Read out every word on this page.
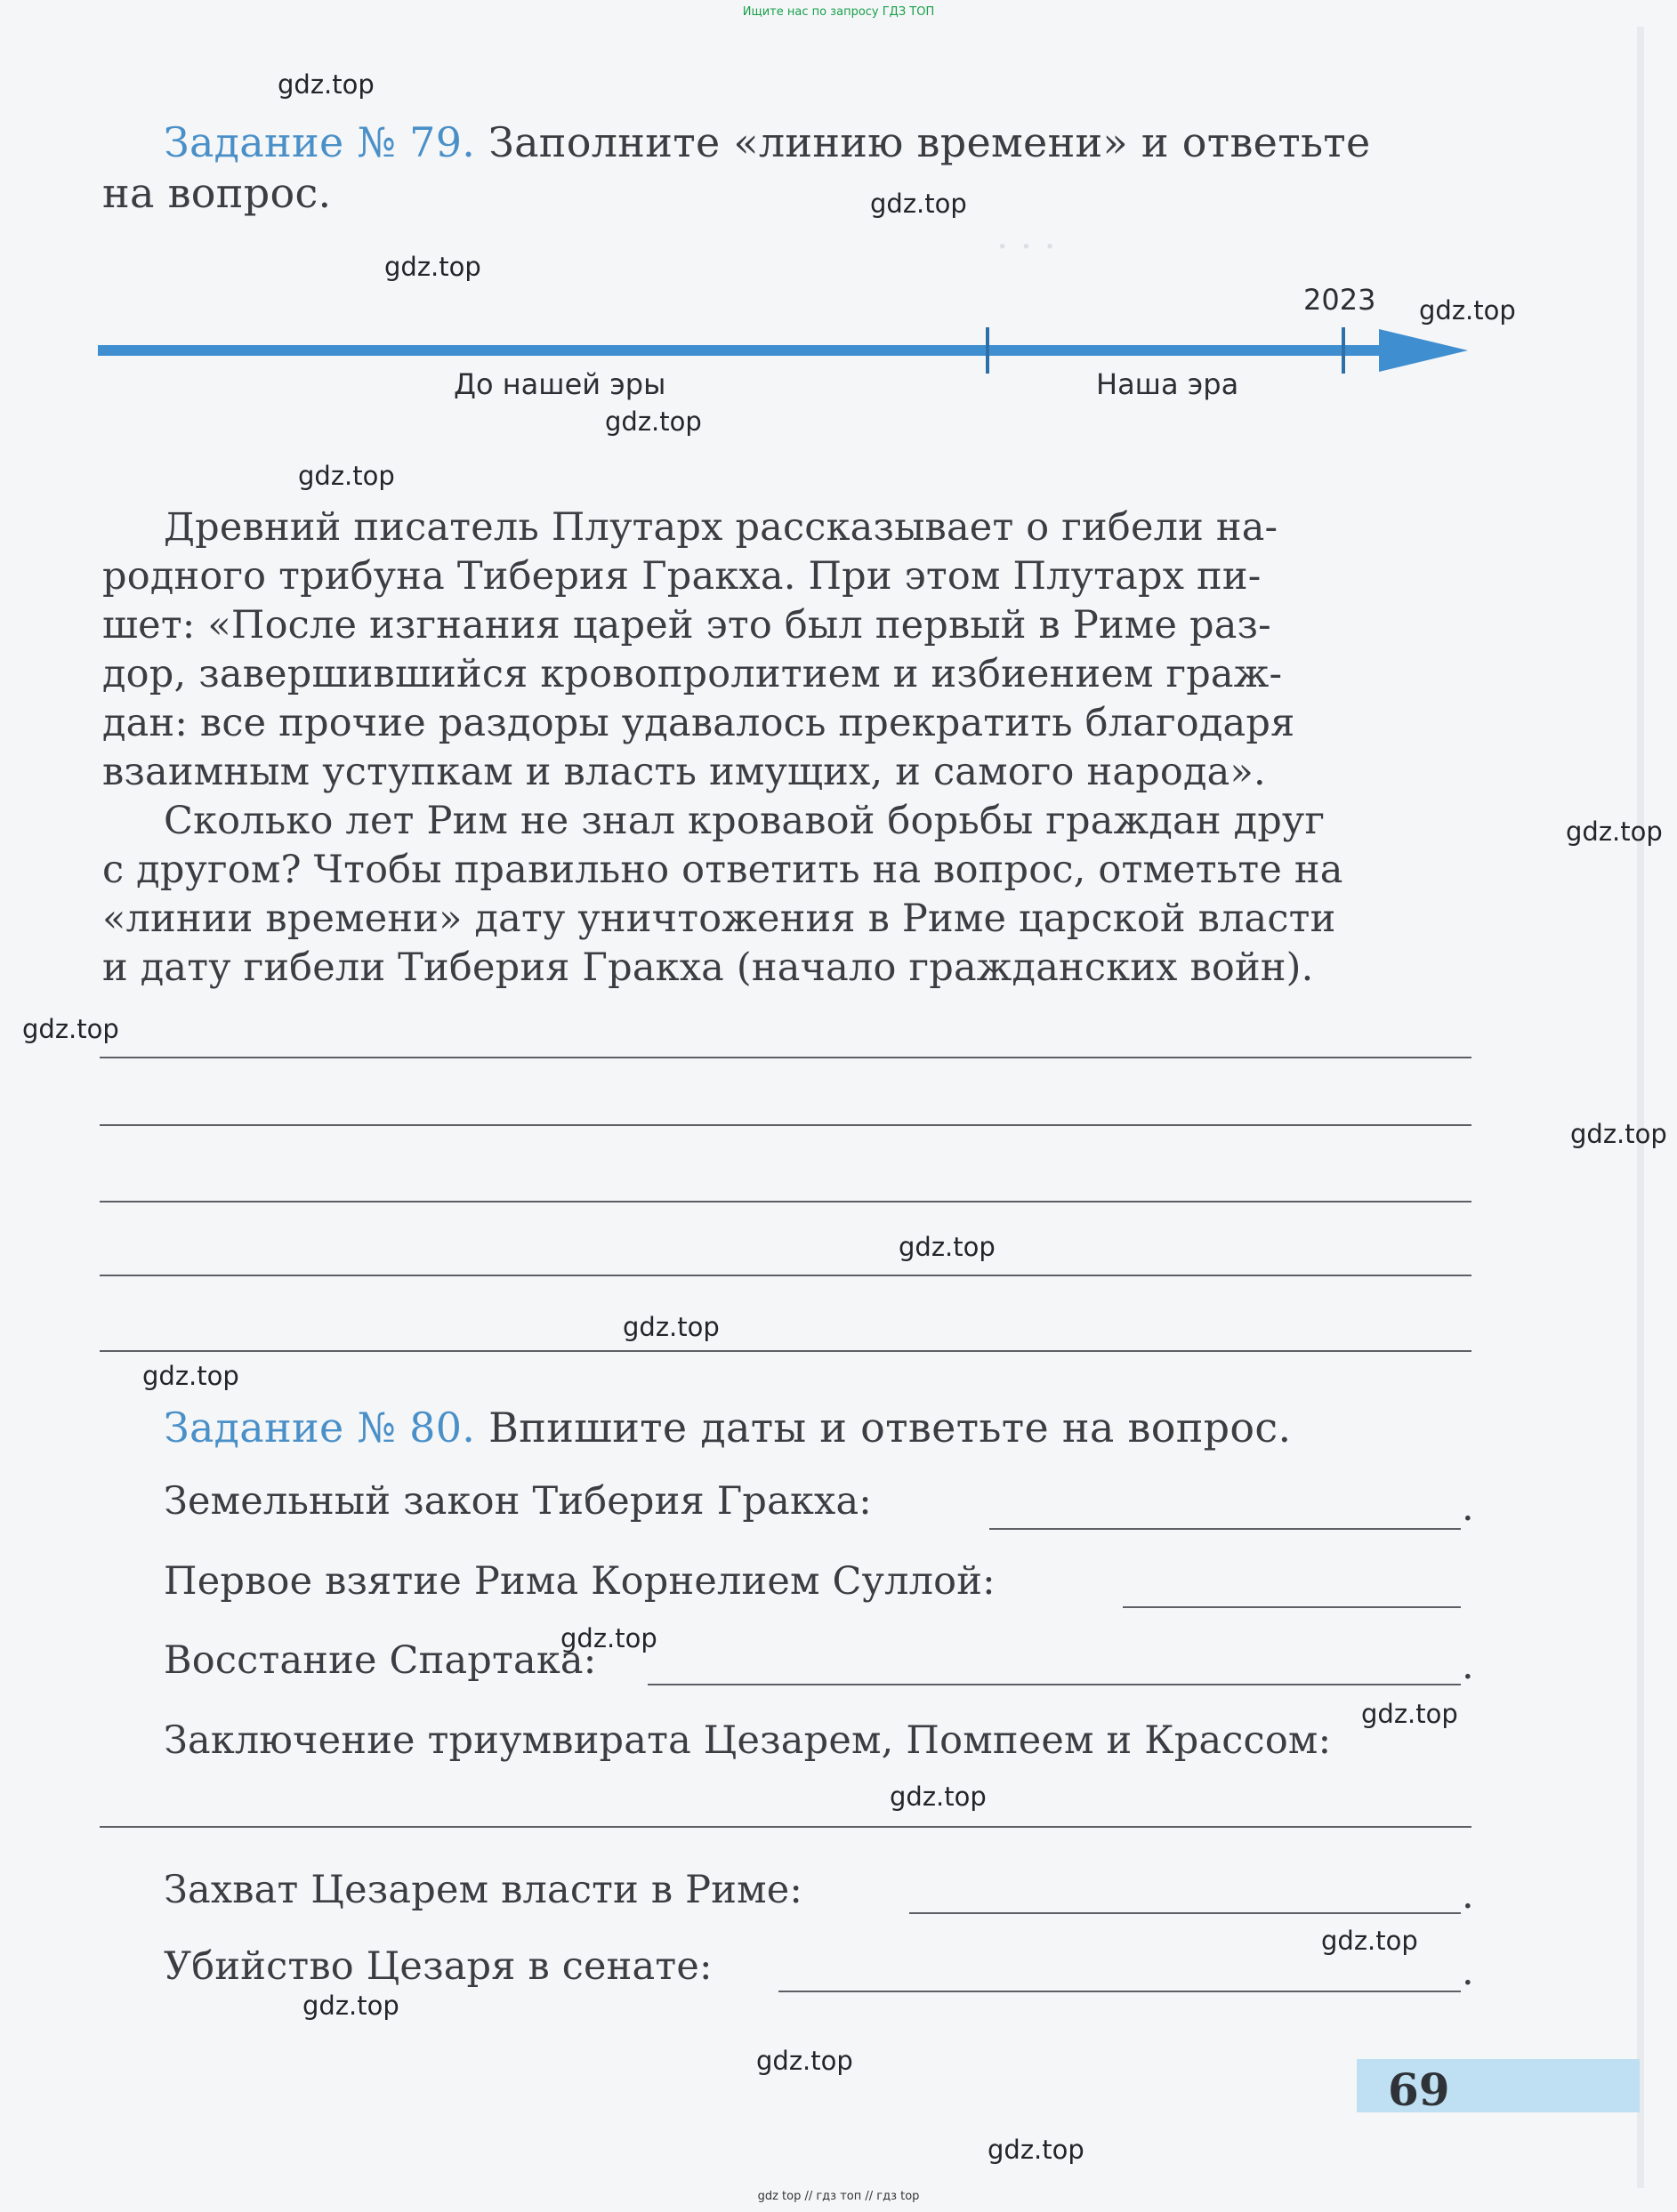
. . .
Ищите нас по запросу ГДЗ ТОП
gdz.top
gdz.top
gdz.top
gdz.top
gdz.top
gdz.top
gdz.top
gdz.top
gdz.top
gdz.top
gdz.top
gdz.top
gdz.top
gdz.top
gdz.top
gdz.top
gdz.top
gdz.top
gdz.top
Задание № 79. Заполните «линию времени» и ответьте
на вопрос.
2023
До нашей эры	Наша эра
Древний писатель Плутарх рассказывает о гибели на-
родного трибуна Тиберия Гракха. При этом Плутарх пи-
шет: «После изгнания царей это был первый в Риме раз-
дор, завершившийся кровопролитием и избиением граж-
дан: все прочие раздоры удавалось прекратить благодаря
взаимным уступкам и власть имущих, и самого народа».
Сколько лет Рим не знал кровавой борьбы граждан друг
с другом? Чтобы правильно ответить на вопрос, отметьте на
«линии времени» дату уничтожения в Риме царской власти
и дату гибели Тиберия Гракха (начало гражданских войн).
Задание № 80. Впишите даты и ответьте на вопрос.
Земельный закон Тиберия Гракха:	.
Первое взятие Рима Корнелием Суллой:
Восстание Спартака:	.
Заключение триумвирата Цезарем, Помпеем и Крассом:
Захват Цезарем власти в Риме:	.
Убийство Цезаря в сенате:	.
69
gdz top // гдз топ // гдз top
